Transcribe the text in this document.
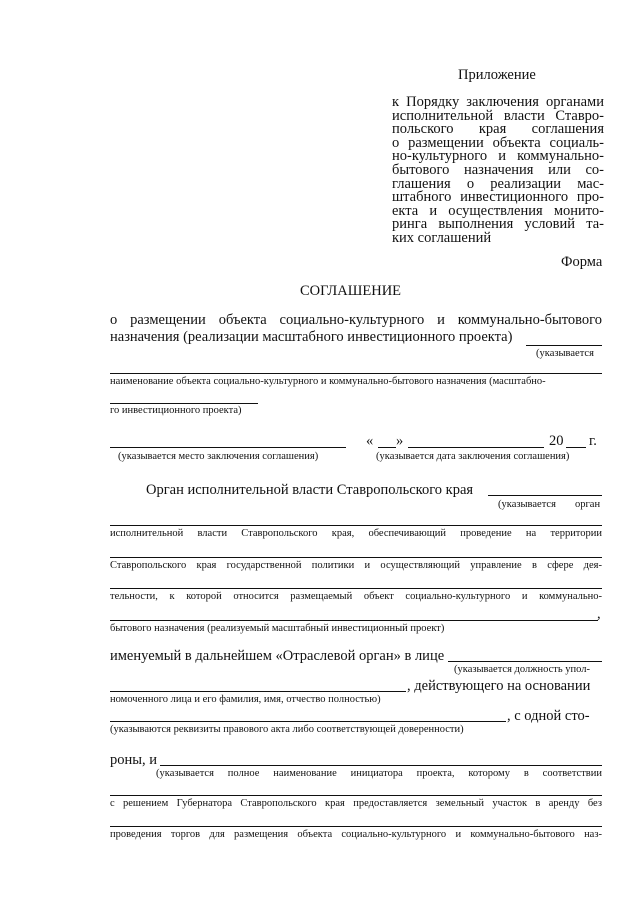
Приложение
к Порядку заключения органами
исполнительной власти Ставро-
польского края соглашения
о размещении объекта социаль-
но-культурного и коммунально-
бытового назначения или со-
глашения о реализации мас-
штабного инвестиционного про-
екта и осуществления монито-
ринга выполнения условий та-
ких соглашений
Форма
СОГЛАШЕНИЕ
о размещении объекта социально-культурного и коммунально-бытового
назначения (реализации масштабного инвестиционного проекта)
(указывается
наименование объекта социально-культурного и коммунально-бытового назначения (масштабно-
го инвестиционного проекта)
« »	20 г.
(указывается место заключения соглашения)	(указывается дата заключения соглашения)
Орган исполнительной власти Ставропольского края
(указывается орган
исполнительной власти Ставропольского края, обеспечивающий проведение на территории
Ставропольского края государственной политики и осуществляющий управление в сфере дея-
тельности, к которой относится размещаемый объект социально-культурного и коммунально-
,
бытового назначения (реализуемый масштабный инвестиционный проект)
именуемый в дальнейшем «Отраслевой орган» в лице
(указывается должность упол-
, действующего на основании
номоченного лица и его фамилия, имя, отчество полностью)
, с одной сто-
(указываются реквизиты правового акта либо соответствующей доверенности)
роны, и
(указывается полное наименование инициатора проекта, которому в соответствии
с решением Губернатора Ставропольского края предоставляется земельный участок в аренду без
проведения торгов для размещения объекта социально-культурного и коммунально-бытового наз-
